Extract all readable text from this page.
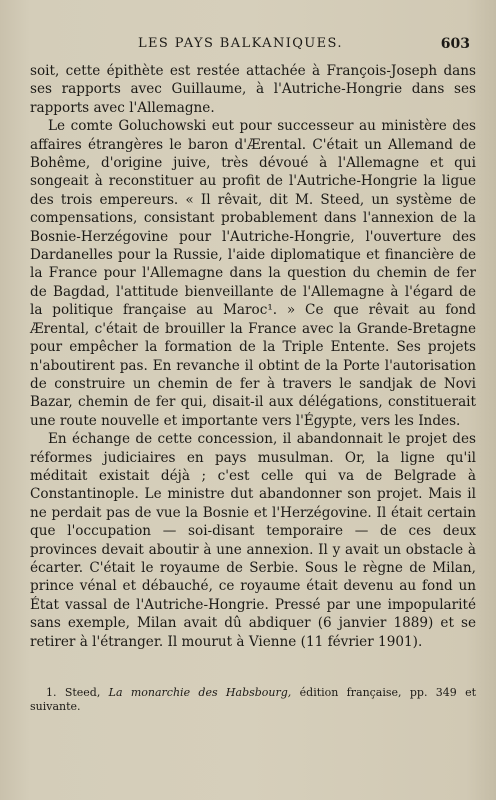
LES PAYS BALKANIQUES.	603

soit, cette épithète est restée attachée à François-Joseph dans ses rapports avec Guillaume, à l'Autriche-Hongrie dans ses rapports avec l'Allemagne.

Le comte Goluchowski eut pour successeur au ministère des affaires étrangères le baron d'Ærental. C'était un Allemand de Bohême, d'origine juive, très dévoué à l'Allemagne et qui songeait à reconstituer au profit de l'Autriche-Hongrie la ligue des trois empereurs. « Il rêvait, dit M. Steed, un système de compensations, consistant probablement dans l'annexion de la Bosnie-Herzégovine pour l'Autriche-Hongrie, l'ouverture des Dardanelles pour la Russie, l'aide diplomatique et financière de la France pour l'Allemagne dans la question du chemin de fer de Bagdad, l'attitude bienveillante de l'Allemagne à l'égard de la politique française au Maroc¹. » Ce que rêvait au fond Ærental, c'était de brouiller la France avec la Grande-Bretagne pour empêcher la formation de la Triple Entente. Ses projets n'aboutirent pas. En revanche il obtint de la Porte l'autorisation de construire un chemin de fer à travers le sandjak de Novi Bazar, chemin de fer qui, disait-il aux délégations, constituerait une route nouvelle et importante vers l'Égypte, vers les Indes.

En échange de cette concession, il abandonnait le projet des réformes judiciaires en pays musulman. Or, la ligne qu'il méditait existait déjà ; c'est celle qui va de Belgrade à Constantinople. Le ministre dut abandonner son projet. Mais il ne perdait pas de vue la Bosnie et l'Herzégovine. Il était certain que l'occupation — soi-disant temporaire — de ces deux provinces devait aboutir à une annexion. Il y avait un obstacle à écarter. C'était le royaume de Serbie. Sous le règne de Milan, prince vénal et débauché, ce royaume était devenu au fond un État vassal de l'Autriche-Hongrie. Pressé par une impopularité sans exemple, Milan avait dû abdiquer (6 janvier 1889) et se retirer à l'étranger. Il mourut à Vienne (11 février 1901).

1. Steed, La monarchie des Habsbourg, édition française, pp. 349 et suivante.
